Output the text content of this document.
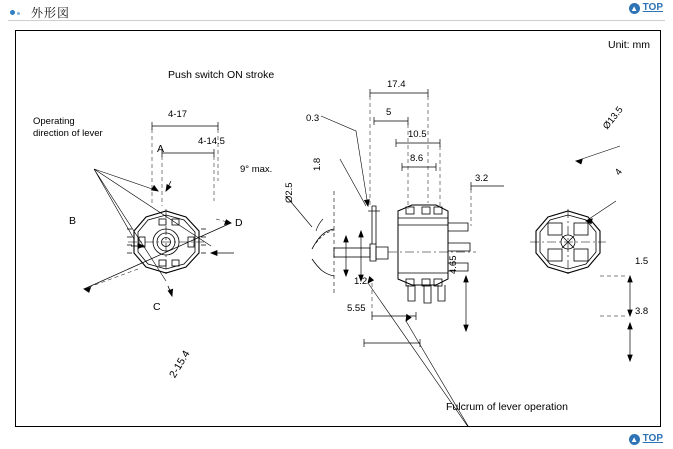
外形図	▲ TOP
▲ TOP
Unit: mm
4-17
4-14.5
2-15.4
Operating
direction of lever
A
B
C
D
Push switch ON stroke
Fulcrum of lever operation
17.4
5
10.5
8.6
3.2
0.3
9° max.
Ø2.5
1.8
1.2
4.65
5.55
Ø13.5
4
1.5
3.8
